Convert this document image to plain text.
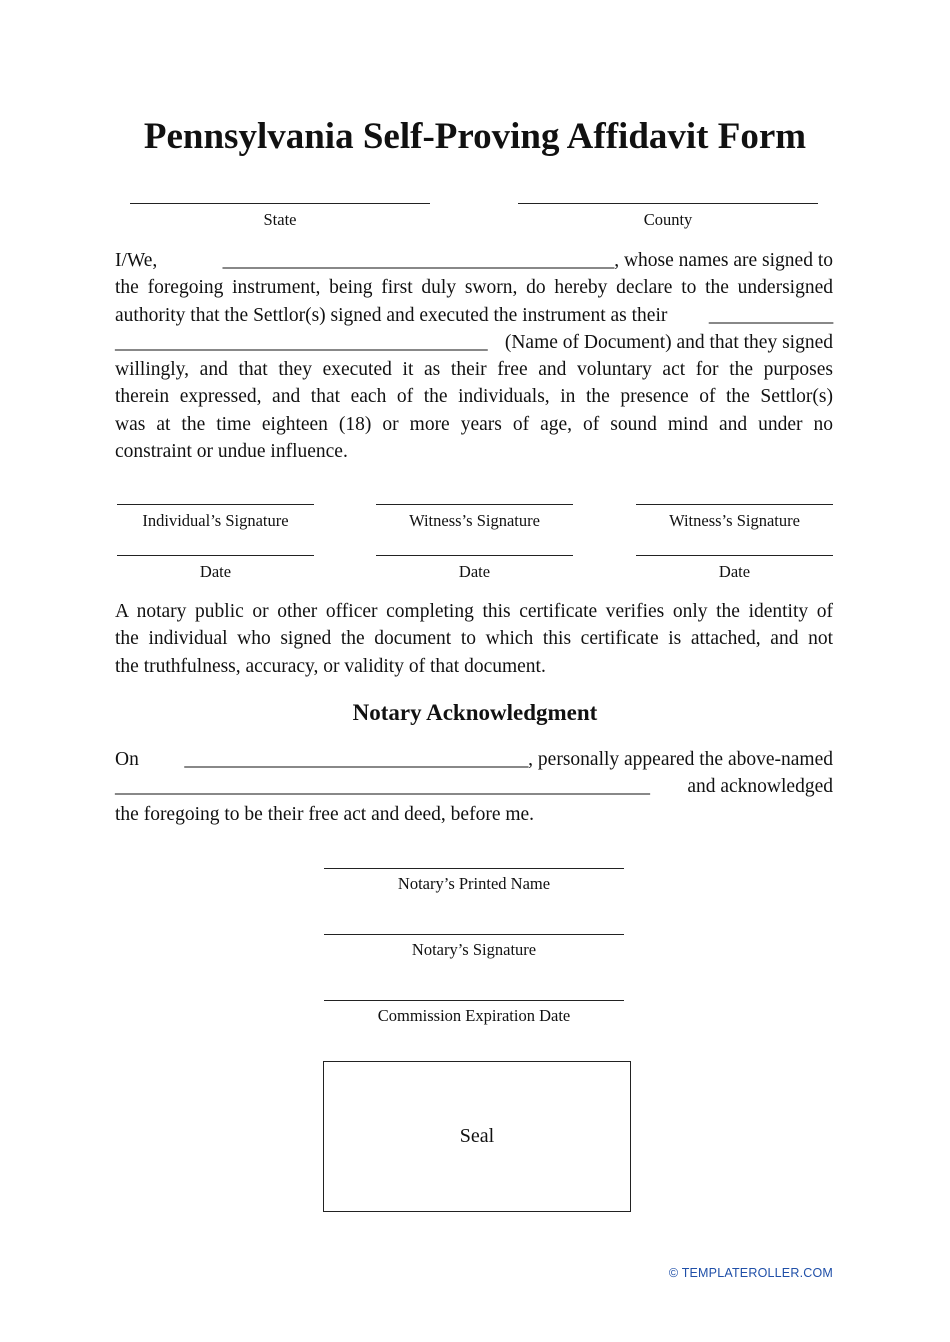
Pennsylvania Self-Proving Affidavit Form
State	County
I/We,	_________________________________________, whose names are signed to
the foregoing instrument, being first duly sworn, do hereby declare to the undersigned
authority that the Settlor(s) signed and executed the instrument as their _____________
_______________________________________ (Name of Document) and that they signed
willingly, and that they executed it as their free and voluntary act for the purposes
therein expressed, and that each of the individuals, in the presence of the Settlor(s)
was at the time eighteen (18) or more years of age, of sound mind and under no
constraint or undue influence.
Individual’s Signature	Witness’s Signature	Witness’s Signature
Date	Date	Date
A notary public or other officer completing this certificate verifies only the identity of
the individual who signed the document to which this certificate is attached, and not
the truthfulness, accuracy, or validity of that document.
Notary Acknowledgment
On ____________________________________, personally appeared the above-named
________________________________________________________ and acknowledged
the foregoing to be their free act and deed, before me.
Notary’s Printed Name
Notary’s Signature
Commission Expiration Date
Seal
© TEMPLATEROLLER.COM
